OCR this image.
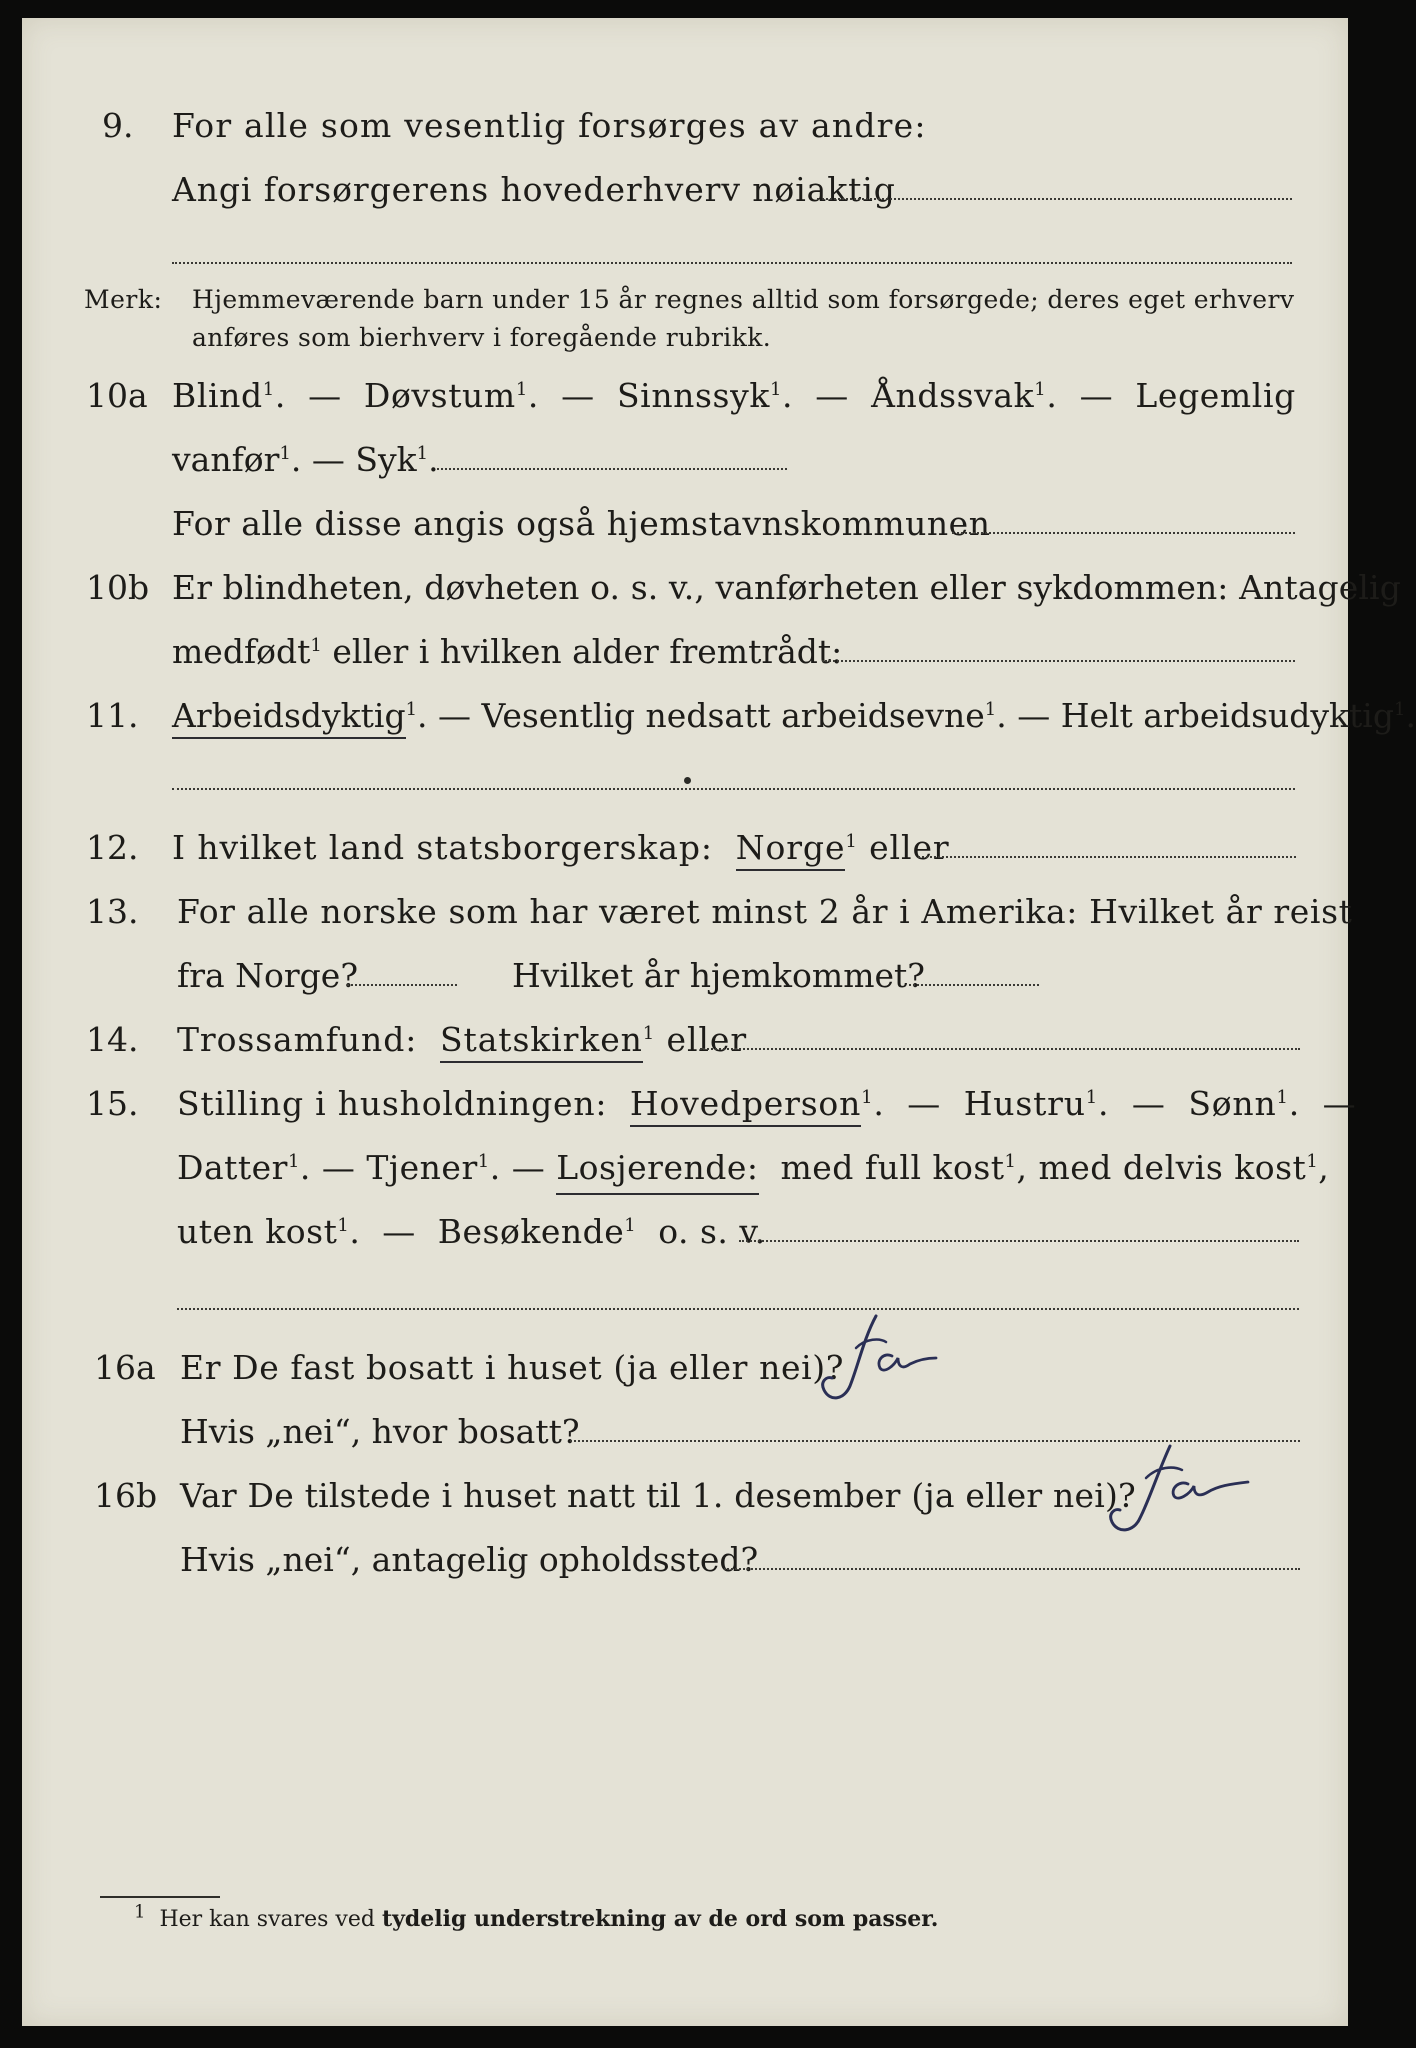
9. For alle som vesentlig forsørges av andre:
Angi forsørgerens hovederhverv nøiaktig
Merk: Hjemmeværende barn under 15 år regnes alltid som forsørgede; deres eget erhverv
anføres som bierhverv i foregående rubrikk.
10a Blind$^1$.  — Døvstum$^1$.  — Sinnssyk$^1$.  — Åndssvak$^1$.  — Legemlig
vanfør$^1$. — Syk$^1$.
For alle disse angis også hjemstavnskommunen
10b Er blindheten, døvheten o. s. v., vanførheten eller sykdommen: Antagelig
medfødt$^1$ eller i hvilken alder fremtrådt:
11. Arbeidsdyktig$^1$. — Vesentlig nedsatt arbeidsevne$^1$. — Helt arbeidsudyktig$^1$.
12. I hvilket land statsborgerskap: Norge$^1$ eller
13. For alle norske som har været minst 2 år i Amerika: Hvilket år reist
fra Norge?	Hvilket år hjemkommet?
14. Trossamfund: Statskirken$^1$ eller
15. Stilling i husholdningen: Hovedperson$^1$.  — Hustru$^1$.  — Sønn$^1$.  —
Datter$^1$. — Tjener$^1$. — Losjerende: med full kost$^1$, med delvis kost$^1$,
uten kost$^1$.  — Besøkende$^1$ o. s. v.
16a Er De fast bosatt i huset (ja eller nei)?
Hvis „nei“, hvor bosatt?
16b Var De tilstede i huset natt til 1. desember (ja eller nei)?
Hvis „nei“, antagelig opholdssted?
$^1$ Her kan svares ved tydelig understrekning av de ord som passer.
